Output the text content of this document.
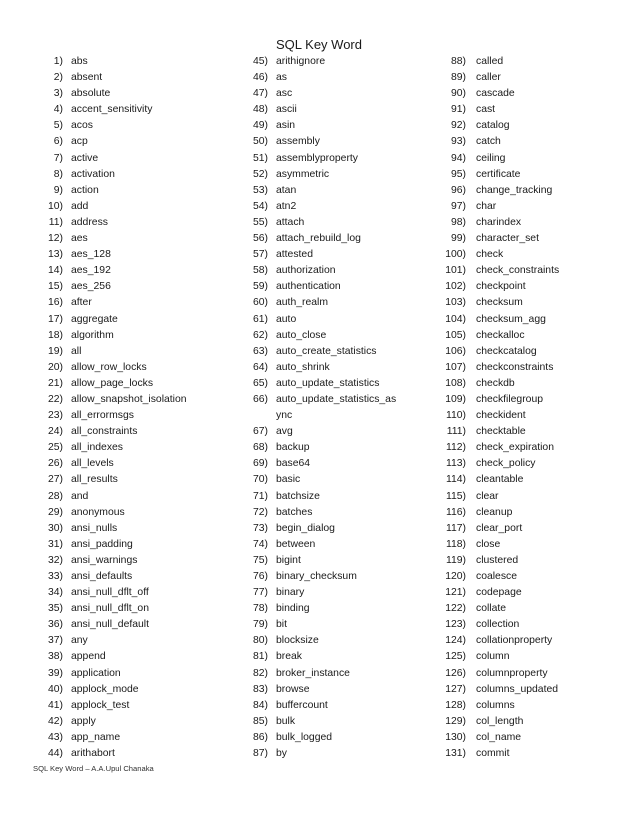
SQL Key Word
1) abs
2) absent
3) absolute
4) accent_sensitivity
5) acos
6) acp
7) active
8) activation
9) action
10) add
11) address
12) aes
13) aes_128
14) aes_192
15) aes_256
16) after
17) aggregate
18) algorithm
19) all
20) allow_row_locks
21) allow_page_locks
22) allow_snapshot_isolation
23) all_errormsgs
24) all_constraints
25) all_indexes
26) all_levels
27) all_results
28) and
29) anonymous
30) ansi_nulls
31) ansi_padding
32) ansi_warnings
33) ansi_defaults
34) ansi_null_dflt_off
35) ansi_null_dflt_on
36) ansi_null_default
37) any
38) append
39) application
40) applock_mode
41) applock_test
42) apply
43) app_name
44) arithabort
45) arithignore
46) as
47) asc
48) ascii
49) asin
50) assembly
51) assemblyproperty
52) asymmetric
53) atan
54) atn2
55) attach
56) attach_rebuild_log
57) attested
58) authorization
59) authentication
60) auth_realm
61) auto
62) auto_close
63) auto_create_statistics
64) auto_shrink
65) auto_update_statistics
66) auto_update_statistics_as
ync
67) avg
68) backup
69) base64
70) basic
71) batchsize
72) batches
73) begin_dialog
74) between
75) bigint
76) binary_checksum
77) binary
78) binding
79) bit
80) blocksize
81) break
82) broker_instance
83) browse
84) buffercount
85) bulk
86) bulk_logged
87) by
88) called
89) caller
90) cascade
91) cast
92) catalog
93) catch
94) ceiling
95) certificate
96) change_tracking
97) char
98) charindex
99) character_set
100) check
101) check_constraints
102) checkpoint
103) checksum
104) checksum_agg
105) checkalloc
106) checkcatalog
107) checkconstraints
108) checkdb
109) checkfilegroup
110) checkident
111) checktable
112) check_expiration
113) check_policy
114) cleantable
115) clear
116) cleanup
117) clear_port
118) close
119) clustered
120) coalesce
121) codepage
122) collate
123) collection
124) collationproperty
125) column
126) columnproperty
127) columns_updated
128) columns
129) col_length
130) col_name
131) commit
SQL Key Word – A.A.Upul Chanaka
